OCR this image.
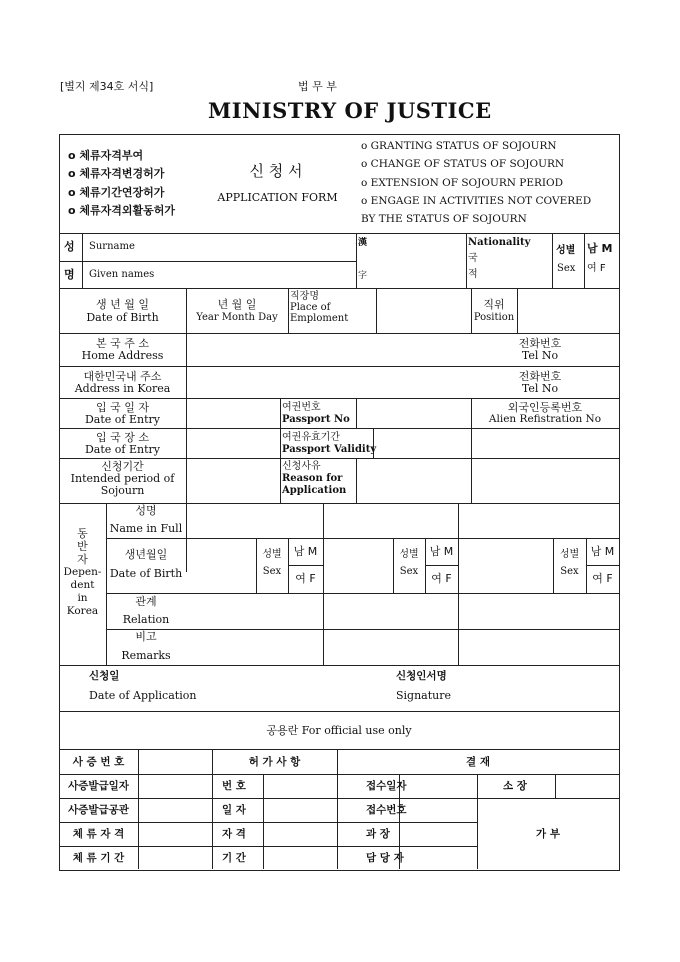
[별지 제34호 서식]	법 무 부
MINISTRY OF JUSTICE
ο 체류자격부여
ο 체류자격변경허가
ο 체류기간연장허가
ο 체류자격외활동허가
신 청 서
APPLICATION FORM
ο GRANTING STATUS OF SOJOURN
ο CHANGE OF STATUS OF SOJOURN
ο EXTENSION OF SOJOURN PERIOD
ο ENGAGE IN ACTIVITIES NOT COVERED
BY THE STATUS OF SOJOURN
성
명
Surname
Given names
漢
字
Nationality
국
적
성별
Sex
남 M
여 F
생 년 월 일
Date of Birth
년 월 일
Year Month Day
직장명
Place of
Emploment
직위
Position
본 국 주 소
Home Address
전화번호
Tel No
대한민국내 주소
Address in Korea
전화번호
Tel No
입 국 일 자
Date of Entry
여권번호
Passport No
외국인등록번호
Alien Refistration No
입 국 장 소
Date of Entry
여권유효기간
Passport Validity
신청기간
Intended period of
Sojourn
신청사유
Reason for
Application
동
반
자
Depen-
dent
in
Korea
성명
Name in Full
생년월일
Date of Birth
관계
Relation
비고
Remarks
성별
Sex
남 M
여 F
성별
Sex
남 M
여 F
성별
Sex
남 M
여 F
신청일
Date of Application
신청인서명
Signature
공용란 For official use only
사 증 번 호
사증발급일자
사증발급공관
체 류 자 격
체 류 기 간
허 가 사 항
번 호
일 자
자 격
기 간
결 재
접수일자
접수번호
과 장
담 당 자
소 장
가 부
